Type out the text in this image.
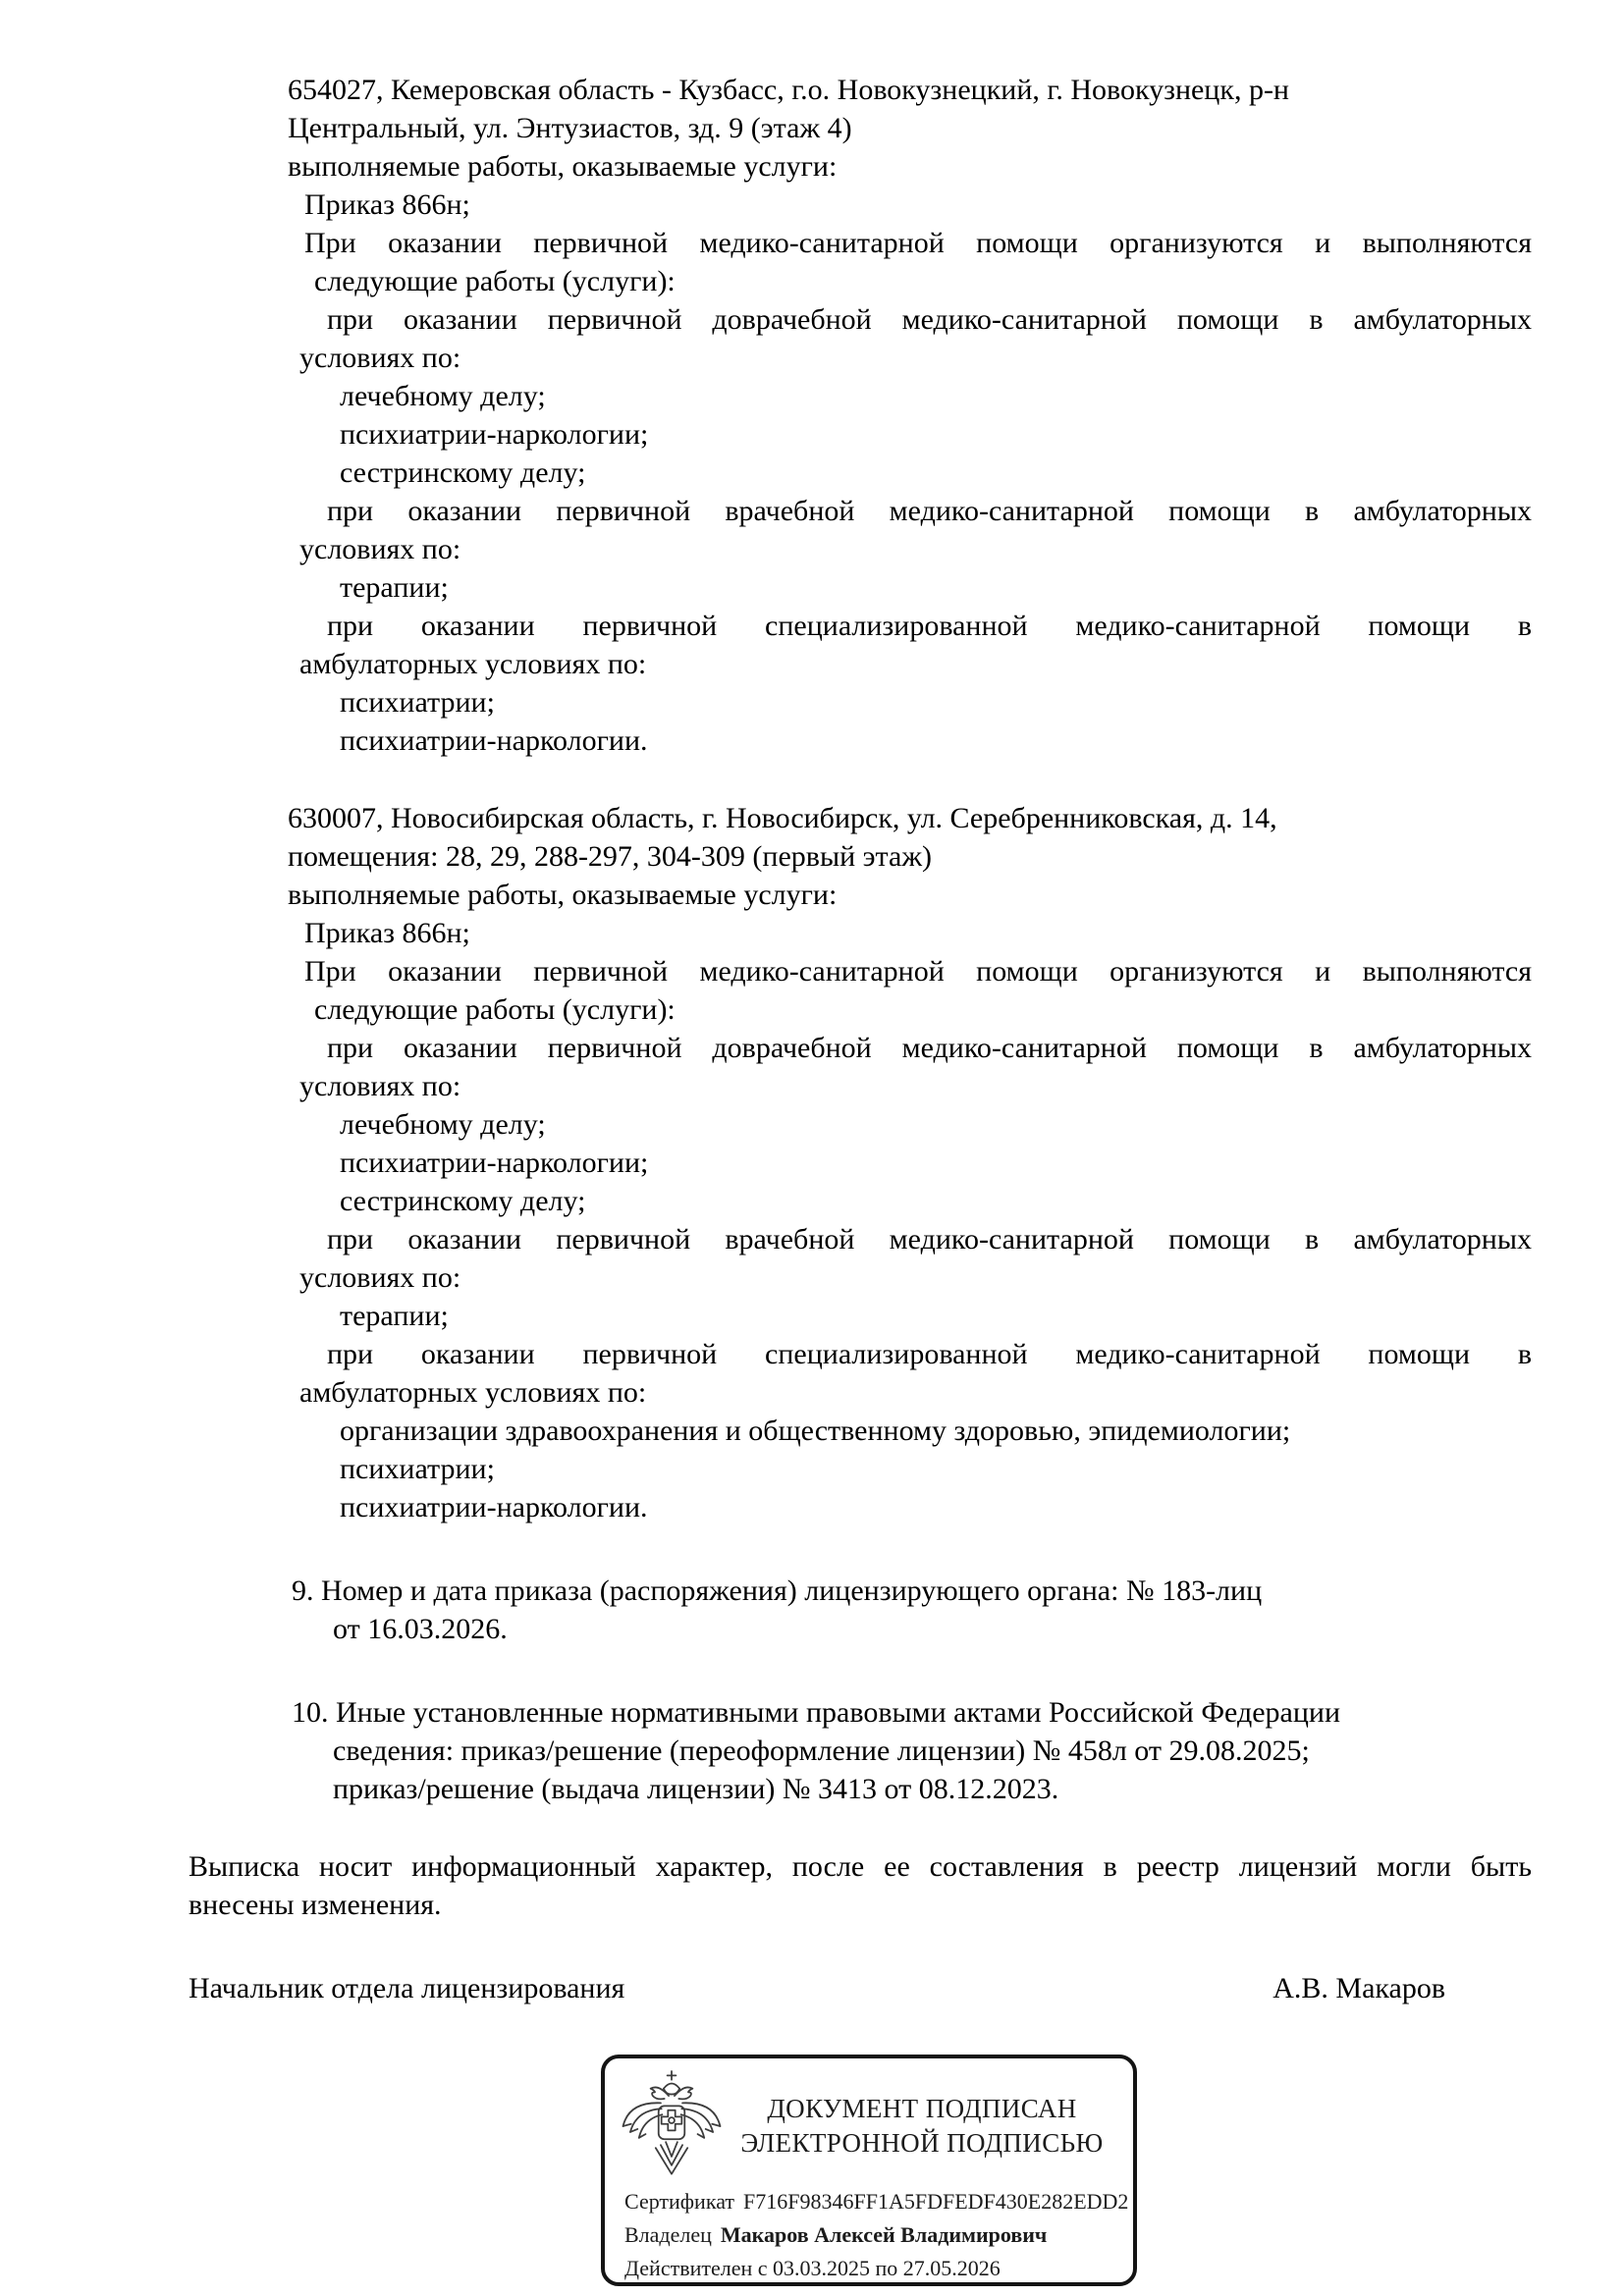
654027, Кемеровская область - Кузбасс, г.о. Новокузнецкий, г. Новокузнецк, р-н
Центральный, ул. Энтузиастов, зд. 9 (этаж 4)
выполняемые работы, оказываемые услуги:
Приказ 866н;
При оказании первичной медико-санитарной помощи организуются и выполняются
следующие работы (услуги):
при оказании первичной доврачебной медико-санитарной помощи в амбулаторных
условиях по:
лечебному делу;
психиатрии-наркологии;
сестринскому делу;
при оказании первичной врачебной медико-санитарной помощи в амбулаторных
условиях по:
терапии;
при оказании первичной специализированной медико-санитарной помощи в
амбулаторных условиях по:
психиатрии;
психиатрии-наркологии.
630007, Новосибирская область, г. Новосибирск, ул. Серебренниковская, д. 14,
помещения: 28, 29, 288-297, 304-309 (первый этаж)
выполняемые работы, оказываемые услуги:
Приказ 866н;
При оказании первичной медико-санитарной помощи организуются и выполняются
следующие работы (услуги):
при оказании первичной доврачебной медико-санитарной помощи в амбулаторных
условиях по:
лечебному делу;
психиатрии-наркологии;
сестринскому делу;
при оказании первичной врачебной медико-санитарной помощи в амбулаторных
условиях по:
терапии;
при оказании первичной специализированной медико-санитарной помощи в
амбулаторных условиях по:
организации здравоохранения и общественному здоровью, эпидемиологии;
психиатрии;
психиатрии-наркологии.
9. Номер и дата приказа (распоряжения) лицензирующего органа: № 183-лиц
от 16.03.2026.
10. Иные установленные нормативными правовыми актами Российской Федерации
сведения: приказ/решение (переоформление лицензии) № 458л от 29.08.2025;
приказ/решение (выдача лицензии) № 3413 от 08.12.2023.
Выписка носит информационный характер, после ее составления в реестр лицензий могли быть
внесены изменения.
Начальник отдела лицензирования	А.В. Макаров
ДОКУМЕНТ ПОДПИСАН
ЭЛЕКТРОННОЙ ПОДПИСЬЮ
Сертификат F716F98346FF1A5FDFEDF430E282EDD2
Владелец Макаров Алексей Владимирович
Действителен с 03.03.2025 по 27.05.2026
